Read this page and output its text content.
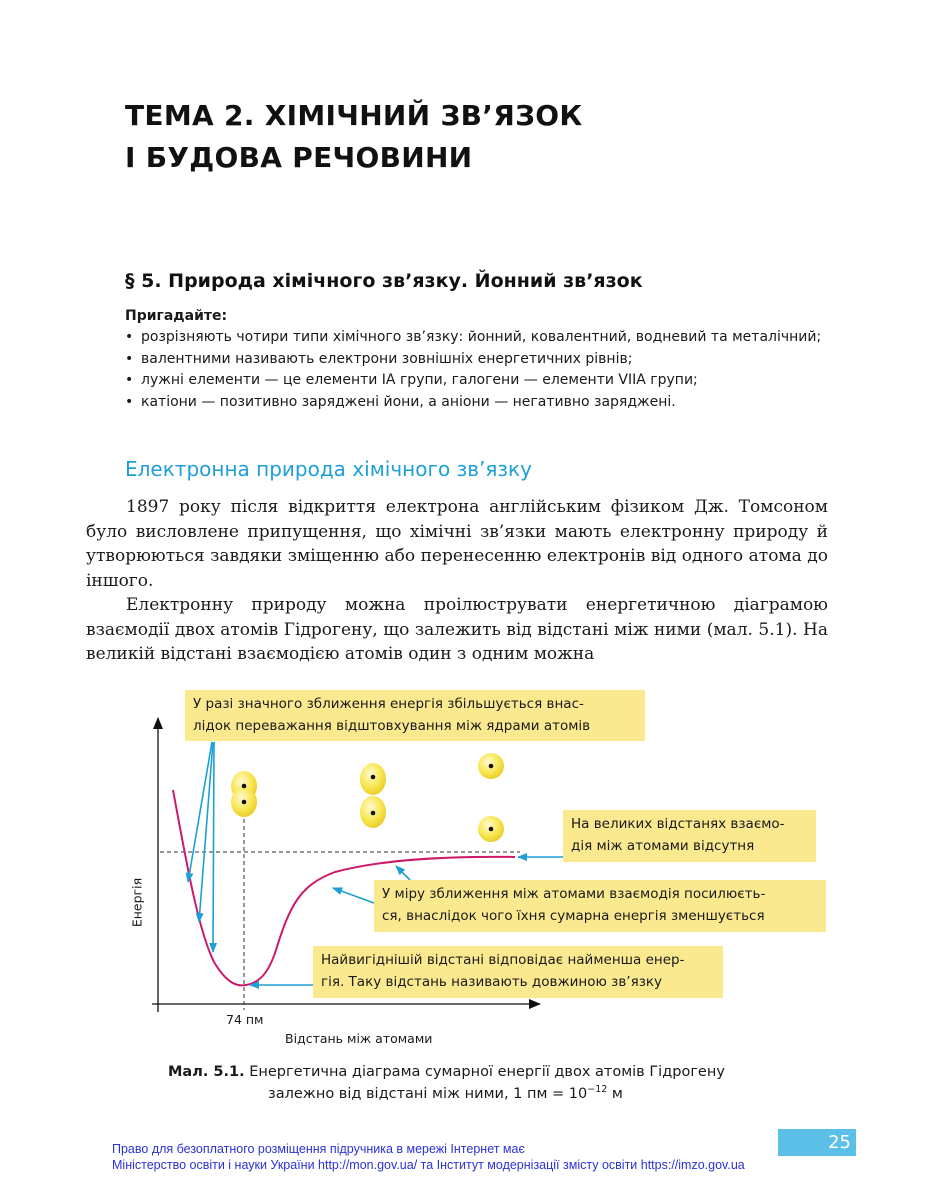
ТЕМА 2. ХІМІЧНИЙ ЗВ’ЯЗОК
І БУДОВА РЕЧОВИНИ
§ 5. Природа хімічного зв’язку. Йонний зв’язок
Пригадайте:
• розрізняють чотири типи хімічного зв’язку: йонний, ковалентний, водневий та металічний;
• валентними називають електрони зовнішніх енергетичних рівнів;
• лужні елементи — це елементи IA групи, галогени — елементи VIIA групи;
• катіони — позитивно заряджені йони, а аніони — негативно заряджені.
Електронна природа хімічного зв’язку

1897 року після відкриття електрона англійським фізиком Дж. Томсоном було висловлене припущення, що хімічні зв’язки мають електронну природу й утворюються завдяки зміщенню або перенесенню електронів від одного атома до іншого.

Електронну природу можна проілюструвати енергетичною діаграмою взаємодії двох атомів Гідрогену, що залежить від відстані між ними (мал. 5.1). На великій відстані взаємодією атомів один з одним можна

У разі значного зближення енергія збільшується внас-
лідок переважання відштовхування між ядрами атомів
На великих відстанях взаємо-
дія між атомами відсутня
У міру зближення між атомами взаємодія посилюєть-
ся, внаслідок чого їхня сумарна енергія зменшується
Найвигіднішій відстані відповідає найменша енер-
гія. Таку відстань називають довжиною зв’язку
Енергія
74 пм
Відстань між атомами
Мал. 5.1. Енергетична діаграма сумарної енергії двох атомів Гідрогену
залежно від відстані між ними, 1 пм = $10^{-12}$ м
25
Право для безоплатного розміщення підручника в мережі Інтернет має
Міністерство освіти і науки України http://mon.gov.ua/ та Інститут модернізації змісту освіти https://imzo.gov.ua
